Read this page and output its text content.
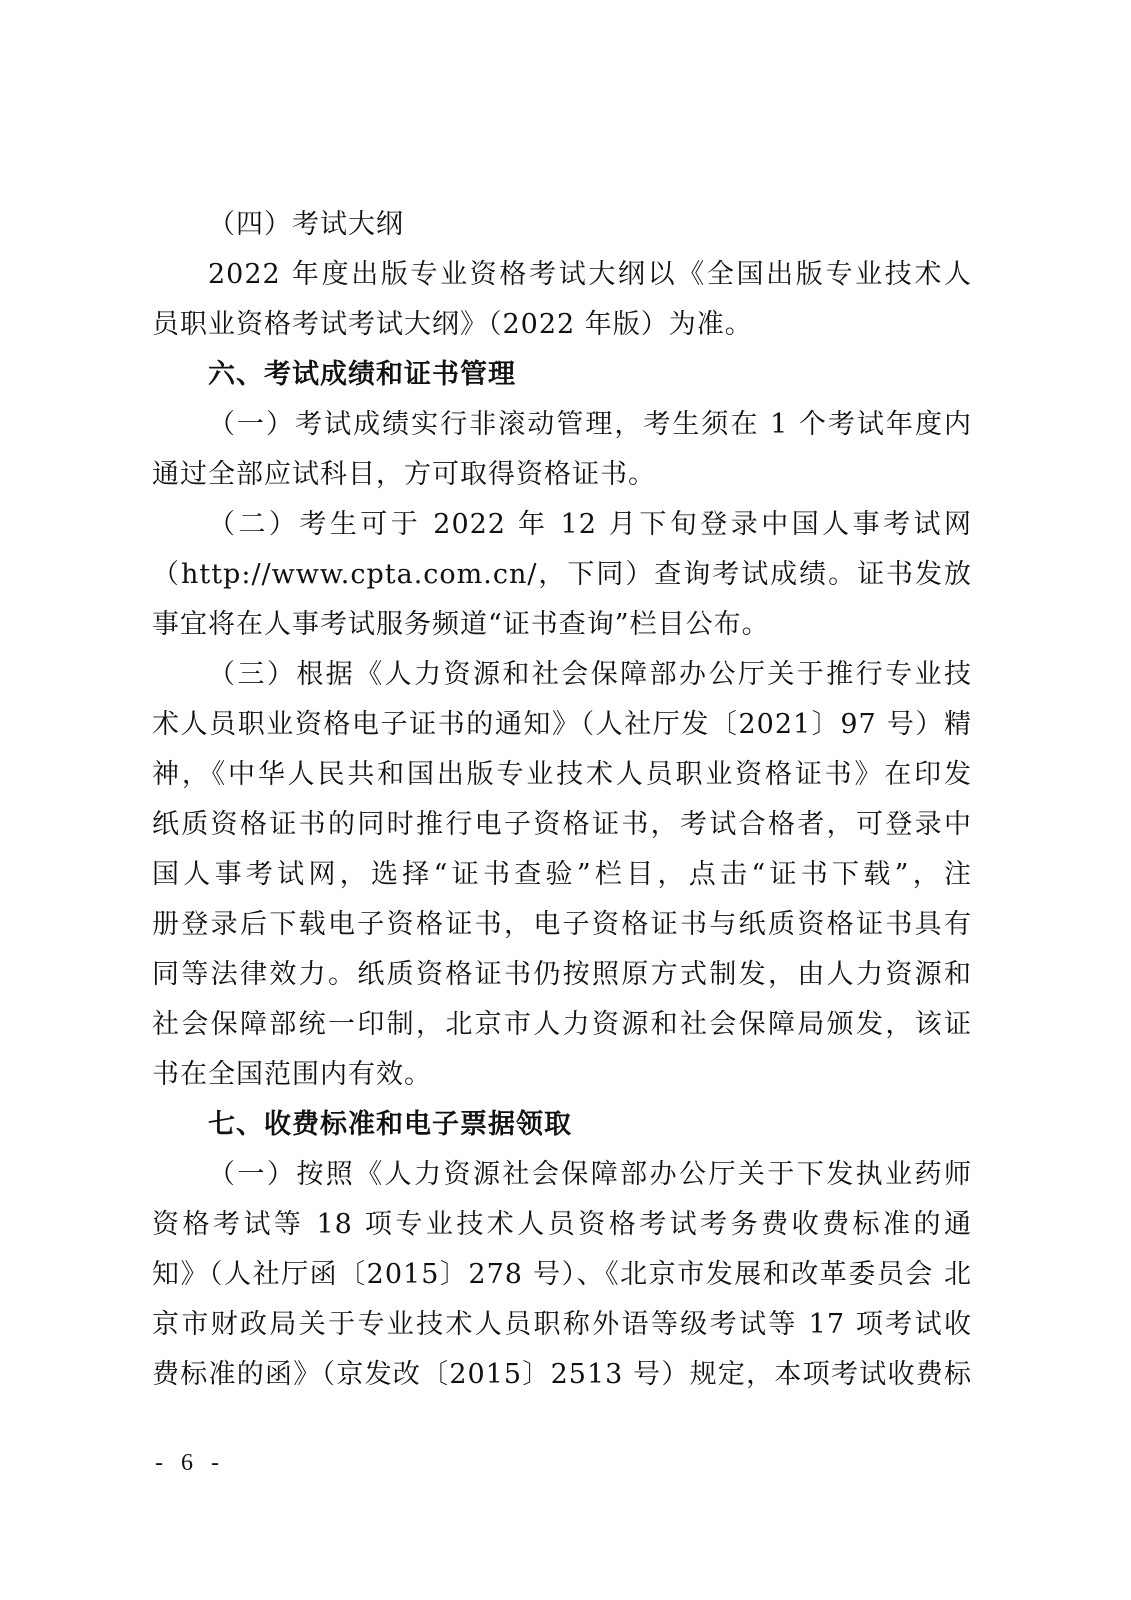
（四）考试大纲
2022 年度出版专业资格考试大纲以《全国出版专业技术人
员职业资格考试考试大纲》（2022 年版）为准。
六、考试成绩和证书管理
（一）考试成绩实行非滚动管理，考生须在 1 个考试年度内
通过全部应试科目，方可取得资格证书。
（二）考生可于 2022 年 12 月下旬登录中国人事考试网
（http://www.cpta.com.cn/，下同）查询考试成绩。证书发放
事宜将在人事考试服务频道“证书查询”栏目公布。
（三）根据《人力资源和社会保障部办公厅关于推行专业技
术人员职业资格电子证书的通知》（人社厅发〔2021〕97 号）精
神，《中华人民共和国出版专业技术人员职业资格证书》在印发
纸质资格证书的同时推行电子资格证书，考试合格者，可登录中
国人事考试网，选择“证书查验”栏目，点击“证书下载”，注
册登录后下载电子资格证书，电子资格证书与纸质资格证书具有
同等法律效力。纸质资格证书仍按照原方式制发，由人力资源和
社会保障部统一印制，北京市人力资源和社会保障局颁发，该证
书在全国范围内有效。
七、收费标准和电子票据领取
（一）按照《人力资源社会保障部办公厅关于下发执业药师
资格考试等 18 项专业技术人员资格考试考务费收费标准的通
知》（人社厅函〔2015〕278 号）、《北京市发展和改革委员会 北
京市财政局关于专业技术人员职称外语等级考试等 17 项考试收
费标准的函》（京发改〔2015〕2513 号）规定，本项考试收费标
- 6 -
